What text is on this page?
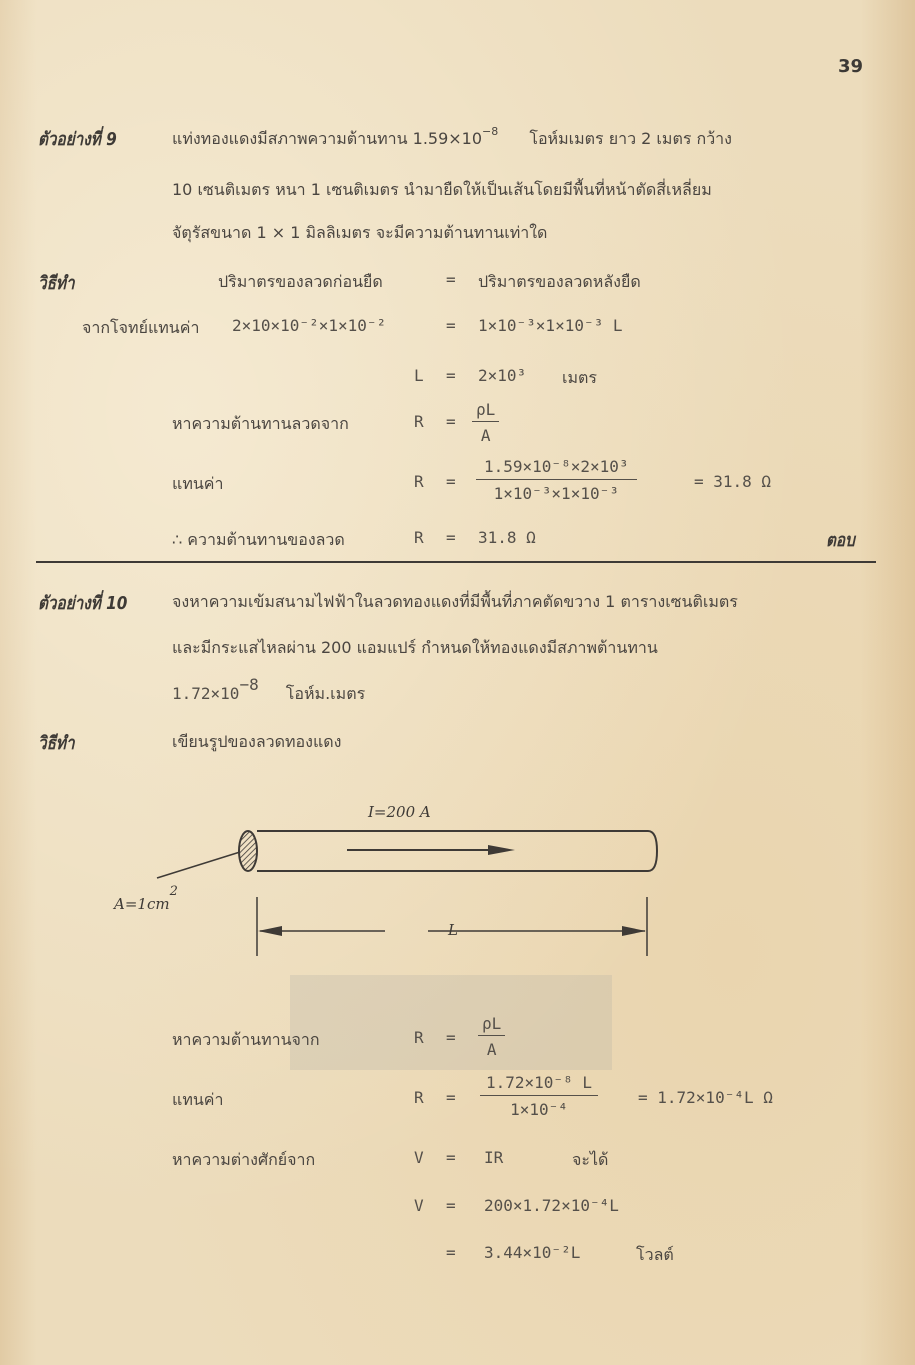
39
ตัวอย่างที่ 9	แท่งทองแดงมีสภาพความต้านทาน $1.59\times 10^{-8}$ โอห์มเมตร ยาว 2 เมตร กว้าง
10 เซนติเมตร หนา 1 เซนติเมตร นำมายืดให้เป็นเส้นโดยมีพื้นที่หน้าตัดสี่เหลี่ยม
จัตุรัสขนาด 1 × 1 มิลลิเมตร จะมีความต้านทานเท่าใด
วิธีทำ	ปริมาตรของลวดก่อนยืด	= ปริมาตรของลวดหลังยืด
จากโจทย์แทนค่า 2×10×10⁻²×1×10⁻²	= 1×10⁻³×1×10⁻³ L
L = 2×10³ เมตร
หาความต้านทานลวดจาก	$R = \frac{\rho L}{A}$
แทนค่า	$R = \frac{\text{1.59×10⁻⁸×2×10³}}{\text{1×10⁻³×1×10⁻³}}$	= 31.8 Ω
∴ ความต้านทานของลวด	R = 31.8 Ω	ตอบ
ตัวอย่างที่ 10	จงหาความเข้มสนามไฟฟ้าในลวดทองแดงที่มีพื้นที่ภาคตัดขวาง 1 ตารางเซนติเมตร
และมีกระแสไหลผ่าน 200 แอมแปร์ กำหนดให้ทองแดงมีสภาพต้านทาน
$1.72\times 10^{-8}$ โอห์ม.เมตร
วิธีทำ	เขียนรูปของลวดทองแดง
I=200 A
$A=1cm^2$
L
หาความต้านทานจาก	$R = \frac{\rho L}{A}$
แทนค่า	$R = \frac{\text{1.72×10⁻⁸ L}}{\text{1×10⁻⁴}}$	= 1.72×10⁻⁴L Ω
หาความต่างศักย์จาก	V = IR	จะได้
V = 200×1.72×10⁻⁴L
= 3.44×10⁻²L	โวลต์
